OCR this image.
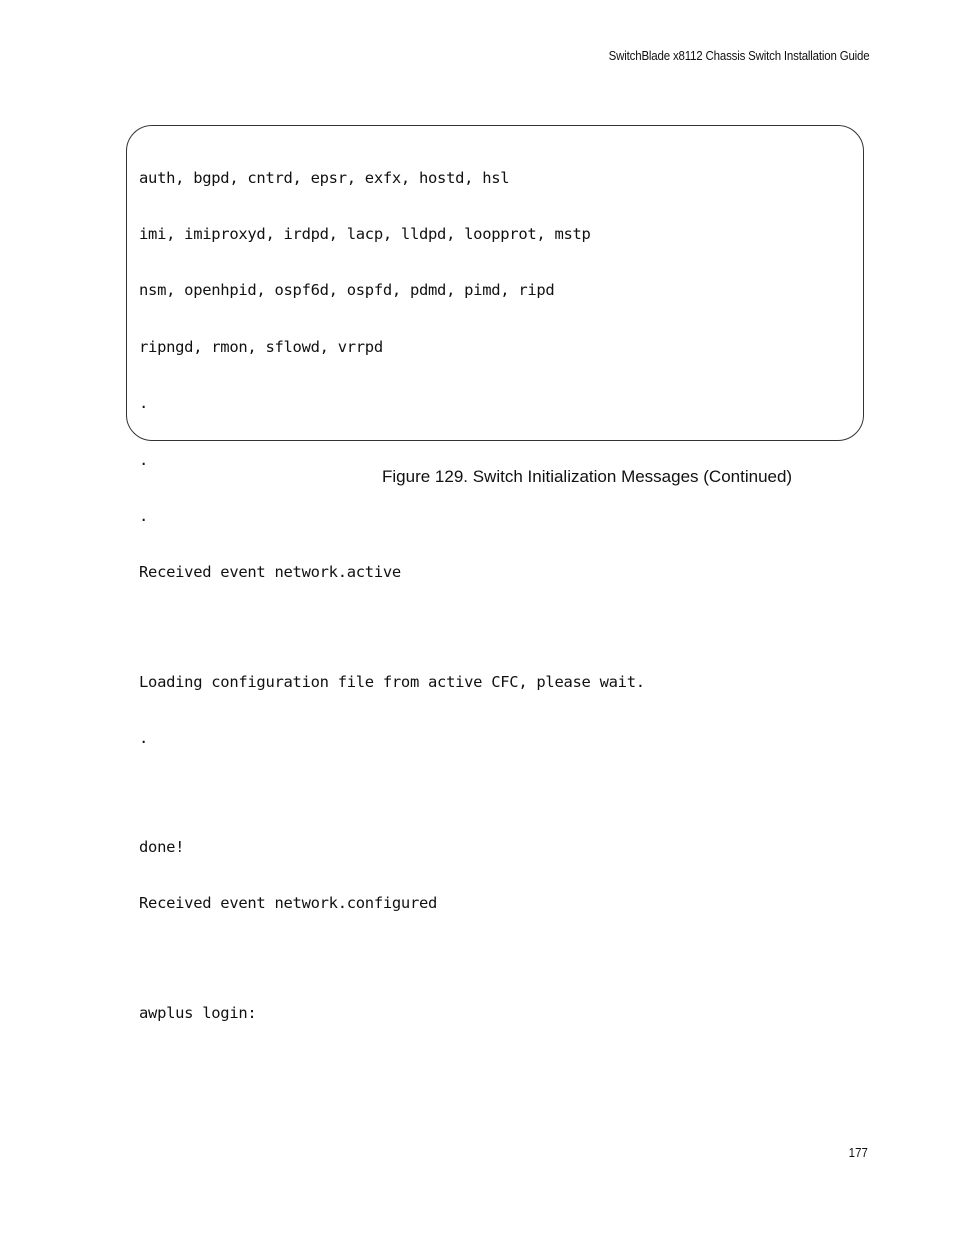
SwitchBlade x8112 Chassis Switch Installation Guide

auth, bgpd, cntrd, epsr, exfx, hostd, hsl

imi, imiproxyd, irdpd, lacp, lldpd, loopprot, mstp

nsm, openhpid, ospf6d, ospfd, pdmd, pimd, ripd

ripngd, rmon, sflowd, vrrpd

.

.

.

Received event network.active

Loading configuration file from active CFC, please wait.

.

done!

Received event network.configured

awplus login:

Figure 129. Switch Initialization Messages (Continued)
177
